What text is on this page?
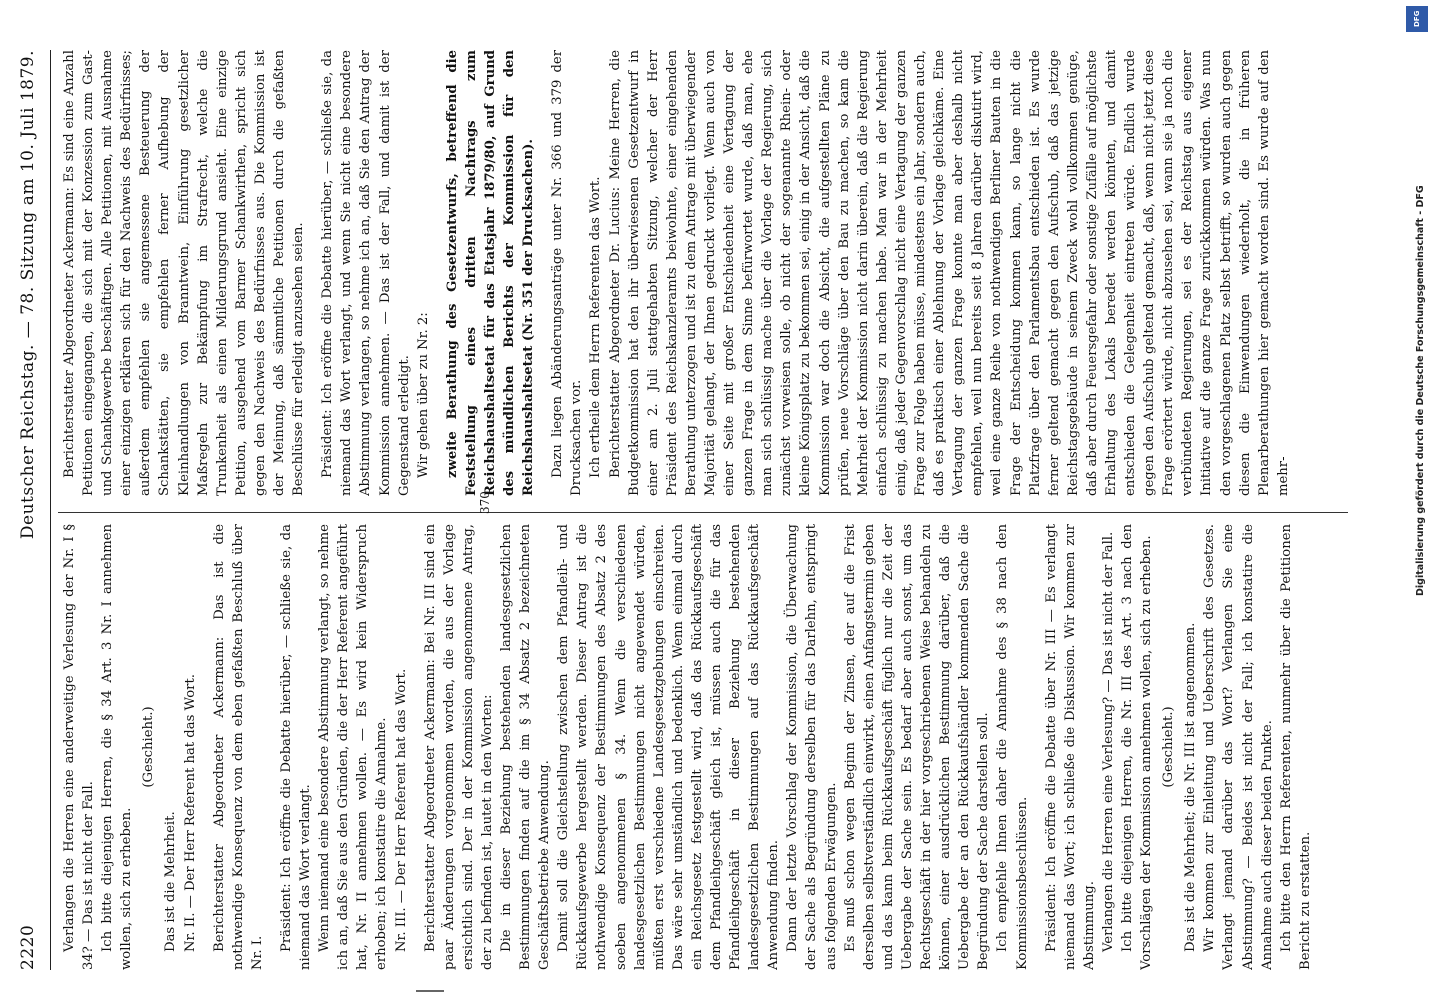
2220
Deutscher Reichstag. — 78. Sitzung am 10. Juli 1879.

Verlangen die Herren eine anderweitige Verlesung der Nr. I § 34? — Das ist nicht der Fall. Ich bitte diejenigen Herren, die § 34 Art. 3 Nr. I annehmen wollen, sich zu erheben.

(Geschieht.)

Das ist die Mehrheit. Nr. II. — Der Herr Referent hat das Wort. Berichterstatter Abgeordneter Ackermann: Das ist die nothwendige Konsequenz von dem eben gefaßten Beschluß über Nr. I.

Präsident: Ich eröffne die Debatte hierüber, — schließe sie, da niemand das Wort verlangt. Wenn niemand eine besondere Abstimmung verlangt, so nehme ich an, daß Sie aus den Gründen, die der Herr Referent angeführt hat, Nr. II annehmen wollen. — Es wird kein Widerspruch erhoben; ich konstatire die Annahme. Nr. III. — Der Herr Referent hat das Wort. Berichterstatter Abgeordneter Ackermann: Bei Nr. III sind ein paar Änderungen vorgenommen worden, die aus der Vorlage ersichtlich sind. Der in der Kommission angenommene Antrag, der zu befinden ist, lautet in den Worten: Die in dieser Beziehung bestehenden landesgesetzlichen Bestimmungen finden auf die im § 34 Absatz 2 bezeichneten Geschäftsbetriebe Anwendung. Damit soll die Gleichstellung zwischen dem Pfandleih- und Rückkaufsgewerbe hergestellt werden. Dieser Antrag ist die nothwendige Konsequenz der Bestimmungen des Absatz 2 des soeben angenommenen § 34. Wenn die verschiedenen landesgesetzlichen Bestimmungen nicht angewendet würden, müßten erst verschiedene Landesgesetzgebungen einschreiten. Das wäre sehr umständlich und bedenklich. Wenn einmal durch ein Reichsgesetz festgestellt wird, daß das Rückkaufsgeschäft dem Pfandleihgeschäft gleich ist, müssen auch die für das Pfandleihgeschäft in dieser Beziehung bestehenden landesgesetzlichen Bestimmungen auf das Rückkaufsgeschäft Anwendung finden. Dann der letzte Vorschlag der Kommission, die Überwachung der Sache als Begründung derselben für das Darlehn, entspringt aus folgenden Erwägungen. Es muß schon wegen Beginn der Zinsen, der auf die Frist derselben selbstverständlich einwirkt, einen Anfangstermin geben und das kann beim Rückkaufsgeschäft füglich nur die Zeit der Uebergabe der Sache sein. Es bedarf aber auch sonst, um das Rechtsgeschäft in der hier vorgeschriebenen Weise behandeln zu können, einer ausdrücklichen Bestimmung darüber, daß die Uebergabe der an den Rückkaufshändler kommenden Sache die Begründung der Sache darstellen soll. Ich empfehle Ihnen daher die Annahme des § 38 nach den Kommissionsbeschlüssen. Präsident: Ich eröffne die Debatte über Nr. III — Es verlangt niemand das Wort; ich schließe die Diskussion. Wir kommen zur Abstimmung. Verlangen die Herren eine Verlesung? — Das ist nicht der Fall. Ich bitte diejenigen Herren, die Nr. III des Art. 3 nach den Vorschlägen der Kommission annehmen wollen, sich zu erheben. (Geschieht.) Das ist die Mehrheit; die Nr. III ist angenommen. Wir kommen zur Einleitung und Ueberschrift des Gesetzes. Verlangt jemand darüber das Wort? Verlangen Sie eine Abstimmung? — Beides ist nicht der Fall; ich konstatire die Annahme auch dieser beiden Punkte. Ich bitte den Herrn Referenten, nunmehr über die Petitionen Bericht zu erstatten.

Berichterstatter Abgeordneter Ackermann: Es sind eine Anzahl Petitionen eingegangen, die sich mit der Konzession zum Gast- und Schankgewerbe beschäftigen. Alle Petitionen, mit Ausnahme einer einzigen erklären sich für den Nachweis des Bedürfnisses; außerdem empfehlen sie angemessene Besteuerung der Schankstätten, sie empfehlen ferner Aufhebung der Kleinhandlungen von Branntwein, Einführung gesetzlicher Maßregeln zur Bekämpfung im Strafrecht, welche die Trunkenheit als einen Milderungsgrund ansieht. Eine einzige Petition, ausgehend vom Barmer Schankwirthen, spricht sich gegen den Nachweis des Bedürfnisses aus. Die Kommission ist der Meinung, daß sämmtliche Petitionen durch die gefaßten Beschlüsse für erledigt anzusehen seien. Präsident: Ich eröffne die Debatte hierüber, — schließe sie, da niemand das Wort verlangt, und wenn Sie nicht eine besondere Abstimmung verlangen, so nehme ich an, daß Sie den Antrag der Kommission annehmen. — Das ist der Fall, und damit ist der Gegenstand erledigt. Wir gehen über zu Nr. 2: zweite Berathung des Gesetzentwurfs, betreffend die Feststellung eines dritten Nachtrags zum Reichshaushaltsetat für das Etatsjahr 1879/80, auf Grund des mündlichen Berichts der Kommission für den Reichshaushaltsetat (Nr. 351 der Drucksachen). Dazu liegen Abänderungsanträge unter Nr. 366 und 379 der Drucksachen vor. Ich ertheile dem Herrn Referenten das Wort. Berichterstatter Abgeordneter Dr. Lucius: Meine Herren, die Budgetkommission hat den ihr überwiesenen Gesetzentwurf in einer am 2. Juli stattgehabten Sitzung, welcher der Herr Präsident des Reichskanzleramts beiwohnte, einer eingehenden Berathung unterzogen und ist zu dem Antrage mit überwiegender Majorität gelangt, der Ihnen gedruckt vorliegt. Wenn auch von einer Seite mit großer Entschiedenheit eine Vertagung der ganzen Frage in dem Sinne befürwortet wurde, daß man, ehe man sich schlüssig mache über die Vorlage der Regierung, sich zunächst vorweisen solle, ob nicht der sogenannte Rhein- oder kleine Königsplatz zu bekommen sei, einig in der Ansicht, daß die Kommission war doch die Absicht, die aufgestellten Pläne zu prüfen, neue Vorschläge über den Bau zu machen, so kam die Mehrheit der Kommission nicht darin überein, daß die Regierung einfach schlüssig zu machen habe. Man war in der Mehrheit einig, daß jeder Gegenvorschlag nicht eine Vertagung der ganzen Frage zur Folge haben müsse, mindestens ein Jahr, sondern auch, daß es praktisch einer Ablehnung der Vorlage gleichkäme. Eine Vertagung der ganzen Frage konnte man aber deshalb nicht empfehlen, weil nun bereits seit 8 Jahren darüber diskutirt wird, weil eine ganze Reihe von nothwendigen Berliner Bauten in die Frage der Entscheidung kommen kann, so lange nicht die Platzfrage über den Parlamentsbau entschieden ist. Es wurde ferner geltend gemacht gegen den Aufschub, daß das jetzige Reichstagsgebäude in seinem Zweck wohl vollkommen genüge, daß aber durch Feuersgefahr oder sonstige Zufälle auf möglichste Erhaltung des Lokals beredet werden könnten, und damit entschieden die Gelegenheit eintreten würde. Endlich wurde gegen den Aufschub geltend gemacht, daß, wenn nicht jetzt diese Frage erörtert würde, nicht abzusehen sei, wann sie ja noch die verbündeten Regierungen, sei es der Reichstag aus eigener Initiative auf die ganze Frage zurückkommen würden. Was nun den vorgeschlagenen Platz selbst betrifft, so wurden auch gegen diesen die Einwendungen wiederholt, die in früheren Plenarberathungen hier gemacht worden sind. Es wurde auf den mehr-

370
DFG
Digitalisierung gefördert durch die Deutsche Forschungsgemeinschaft - DFG
